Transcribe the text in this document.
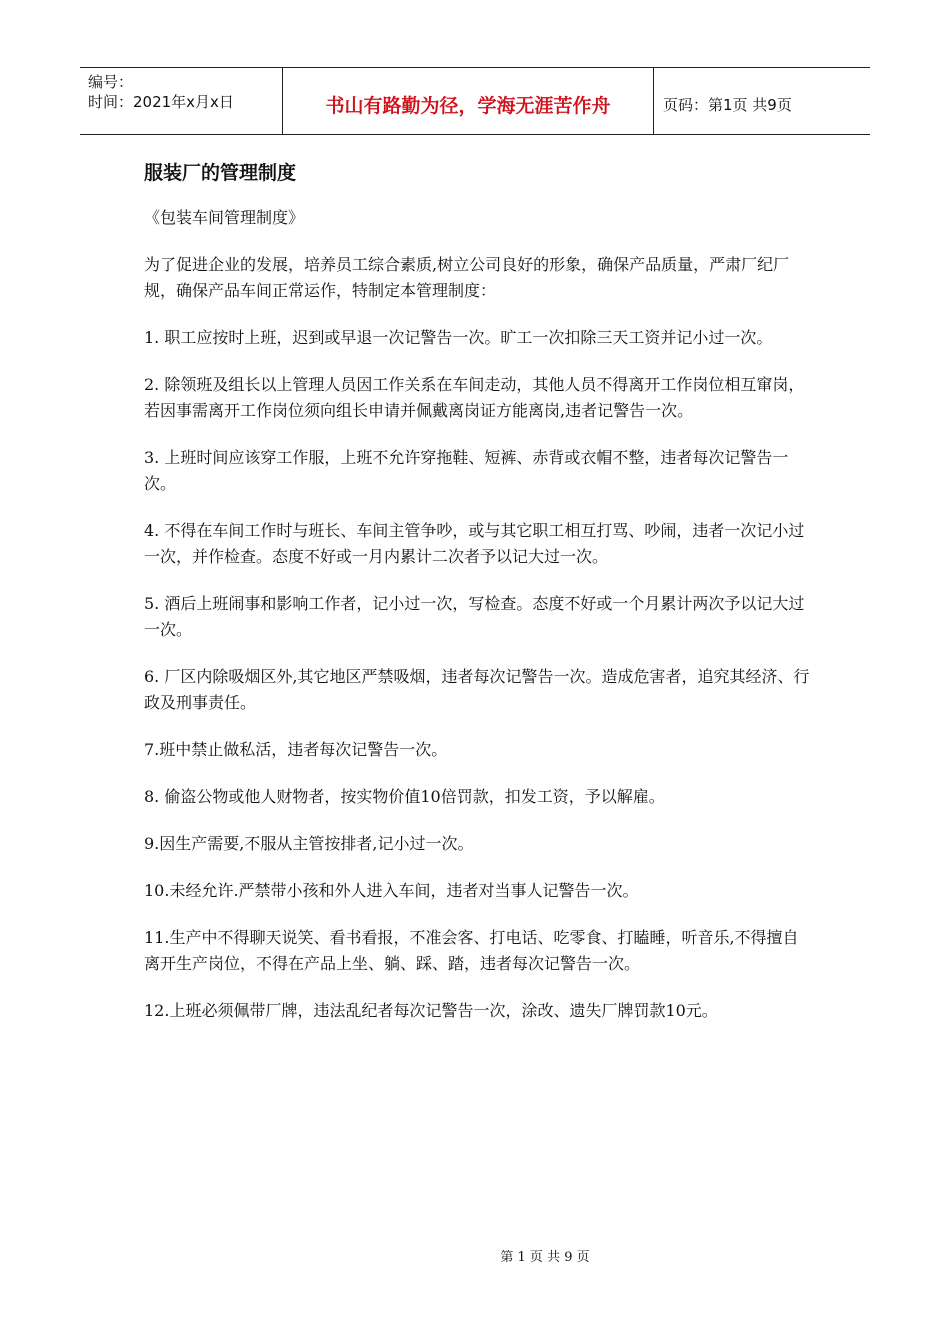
编号：
时间：2021年x月x日	书山有路勤为径，学海无涯苦作舟	页码：第1页 共9页
服装厂的管理制度

《包装车间管理制度》

为了促进企业的发展，培养员工综合素质,树立公司良好的形象，确保产品质量，严肃厂纪厂规，确保产品车间正常运作，特制定本管理制度：

1. 职工应按时上班，迟到或早退一次记警告一次。旷工一次扣除三天工资并记小过一次。

2. 除领班及组长以上管理人员因工作关系在车间走动，其他人员不得离开工作岗位相互窜岗，若因事需离开工作岗位须向组长申请并佩戴离岗证方能离岗,违者记警告一次。

3. 上班时间应该穿工作服，上班不允许穿拖鞋、短裤、赤背或衣帽不整，违者每次记警告一次。

4. 不得在车间工作时与班长、车间主管争吵，或与其它职工相互打骂、吵闹，违者一次记小过一次，并作检查。态度不好或一月内累计二次者予以记大过一次。

5. 酒后上班闹事和影响工作者，记小过一次，写检查。态度不好或一个月累计两次予以记大过一次。

6. 厂区内除吸烟区外,其它地区严禁吸烟，违者每次记警告一次。造成危害者，追究其经济、行政及刑事责任。

7.班中禁止做私活，违者每次记警告一次。

8. 偷盗公物或他人财物者，按实物价值10倍罚款，扣发工资，予以解雇。

9.因生产需要,不服从主管按排者,记小过一次。

10.未经允许.严禁带小孩和外人进入车间，违者对当事人记警告一次。

11.生产中不得聊天说笑、看书看报，不准会客、打电话、吃零食、打瞌睡，听音乐,不得擅自离开生产岗位，不得在产品上坐、躺、踩、踏，违者每次记警告一次。

12.上班必须佩带厂牌，违法乱纪者每次记警告一次，涂改、遗失厂牌罚款10元。

第 1 页 共 9 页
